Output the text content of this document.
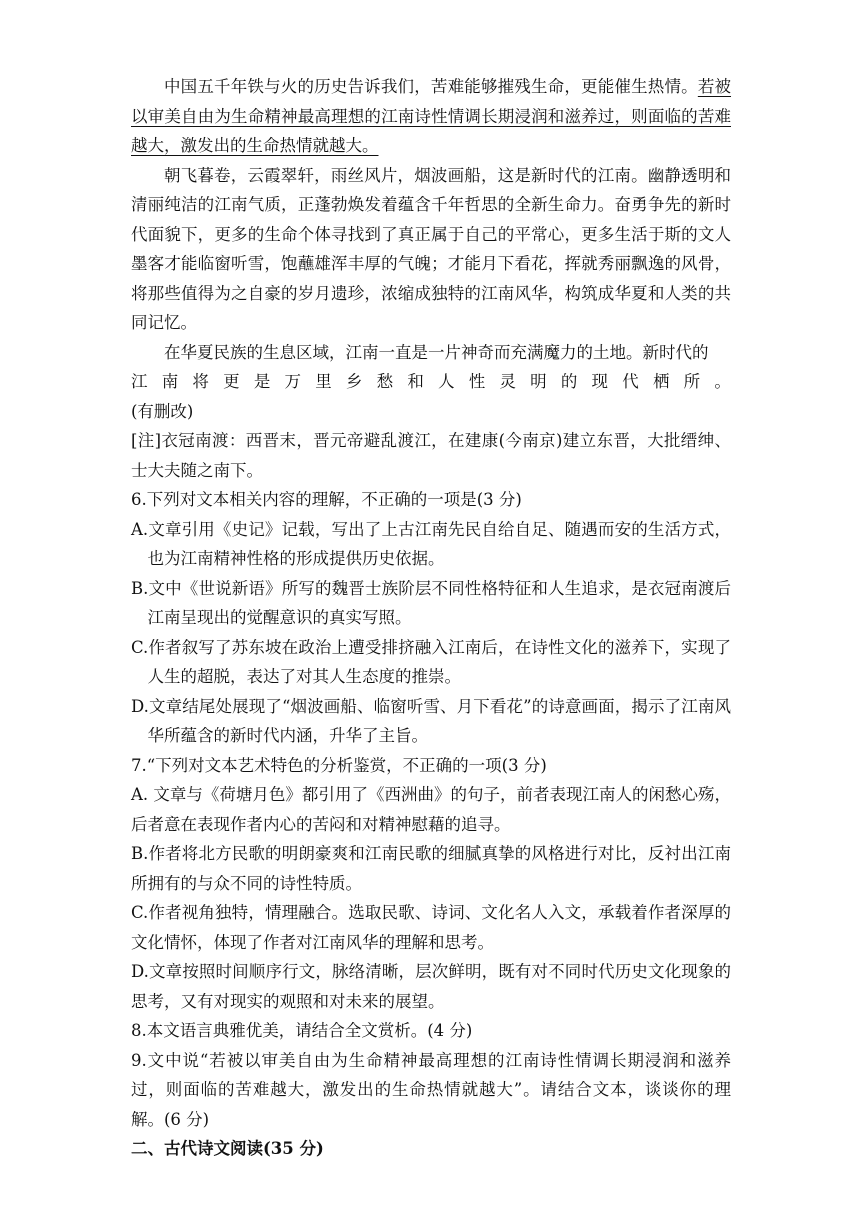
中国五千年铁与火的历史告诉我们，苦难能够摧残生命，更能催生热情。若被以审美自由为生命精神最高理想的江南诗性情调长期浸润和滋养过，则面临的苦难越大，激发出的生命热情就越大。

朝飞暮卷，云霞翠轩，雨丝风片，烟波画船，这是新时代的江南。幽静透明和清丽纯洁的江南气质，正蓬勃焕发着蕴含千年哲思的全新生命力。奋勇争先的新时代面貌下，更多的生命个体寻找到了真正属于自己的平常心，更多生活于斯的文人墨客才能临窗听雪，饱蘸雄浑丰厚的气魄；才能月下看花，挥就秀丽飘逸的风骨，将那些值得为之自豪的岁月遗珍，浓缩成独特的江南风华，构筑成华夏和人类的共同记忆。

在华夏民族的生息区域，江南一直是一片神奇而充满魔力的土地。新时代的

江 南 将 更 是 万 里 乡 愁 和 人 性 灵 明 的 现 代 栖 所 。

(有删改)

[注]衣冠南渡：西晋末，晋元帝避乱渡江，在建康(今南京)建立东晋，大批缙绅、士大夫随之南下。

6.下列对文本相关内容的理解，不正确的一项是(3 分)

A.文章引用《史记》记载，写出了上古江南先民自给自足、随遇而安的生活方式，也为江南精神性格的形成提供历史依据。

B.文中《世说新语》所写的魏晋士族阶层不同性格特征和人生追求，是衣冠南渡后江南呈现出的觉醒意识的真实写照。

C.作者叙写了苏东坡在政治上遭受排挤融入江南后，在诗性文化的滋养下，实现了人生的超脱，表达了对其人生态度的推崇。

D.文章结尾处展现了“烟波画船、临窗听雪、月下看花”的诗意画面，揭示了江南风华所蕴含的新时代内涵，升华了主旨。

7.“下列对文本艺术特色的分析鉴赏，不正确的一项(3 分)

A. 文章与《荷塘月色》都引用了《西洲曲》的句子，前者表现江南人的闲愁心殇，后者意在表现作者内心的苦闷和对精神慰藉的追寻。

B.作者将北方民歌的明朗豪爽和江南民歌的细腻真挚的风格进行对比，反衬出江南所拥有的与众不同的诗性特质。

C.作者视角独特，情理融合。选取民歌、诗词、文化名人入文，承载着作者深厚的文化情怀，体现了作者对江南风华的理解和思考。

D.文章按照时间顺序行文，脉络清晰，层次鲜明，既有对不同时代历史文化现象的思考，又有对现实的观照和对未来的展望。

8.本文语言典雅优美，请结合全文赏析。(4 分)

9.文中说“若被以审美自由为生命精神最高理想的江南诗性情调长期浸润和滋养过，则面临的苦难越大，激发出的生命热情就越大”。请结合文本，谈谈你的理解。(6 分)

二、古代诗文阅读(35 分)
